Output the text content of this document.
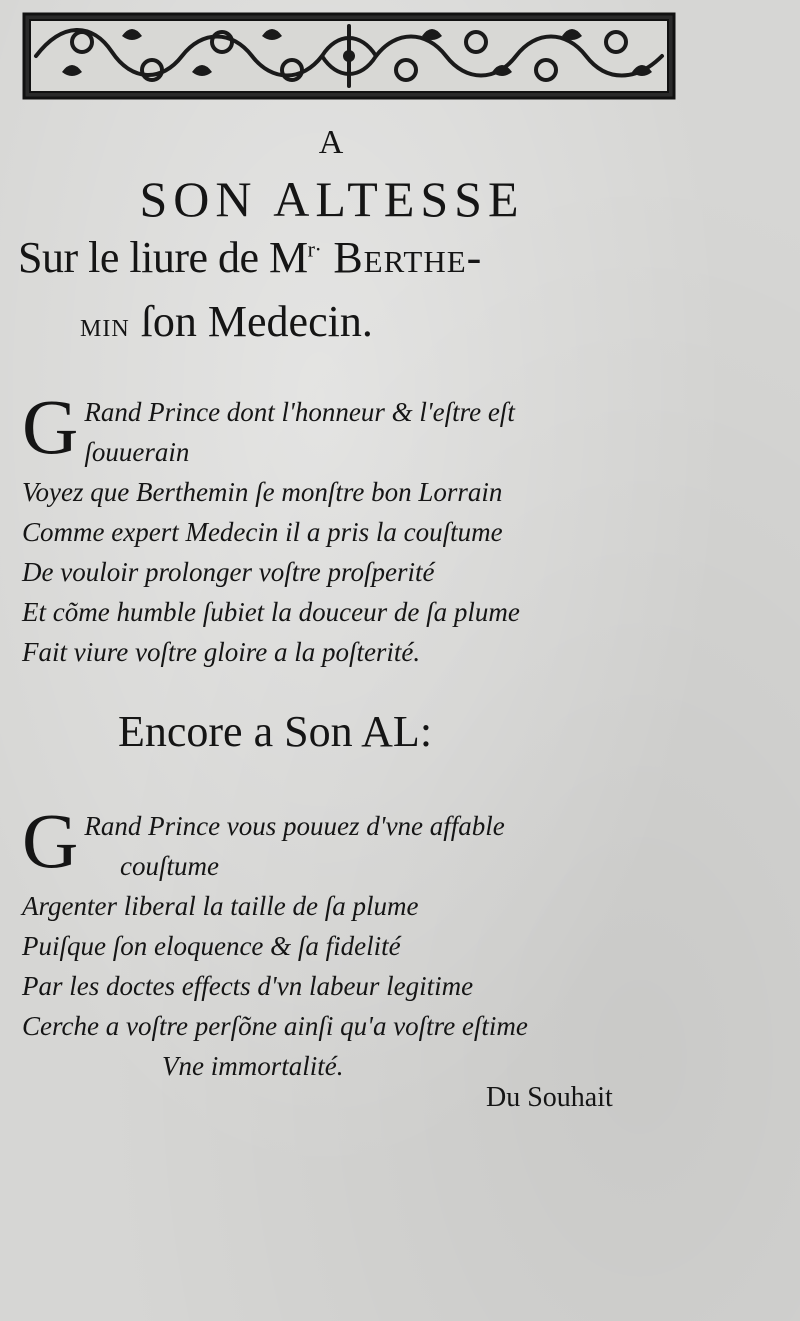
A
SON ALTESSE
Sur le liure de $M^{r\cdot}$ Berthe-
min ſon Medecin.
G Rand Prince dont l'honneur & l'eſtre eſt
ſouuerain
Voyez que Berthemin ſe monſtre bon Lorrain
Comme expert Medecin il a pris la couſtume
De vouloir prolonger voſtre proſperité
Et cõme humble ſubiet la douceur de ſa plume
Fait viure voſtre gloire a la poſterité.
Encore a Son AL:
G Rand Prince vous pouuez d'vne affable
couſtume
Argenter liberal la taille de ſa plume
Puiſque ſon eloquence & ſa fidelité
Par les doctes effects d'vn labeur legitime
Cerche a voſtre perſõne ainſi qu'a voſtre eſtime
Vne immortalité.
Du Souhait
